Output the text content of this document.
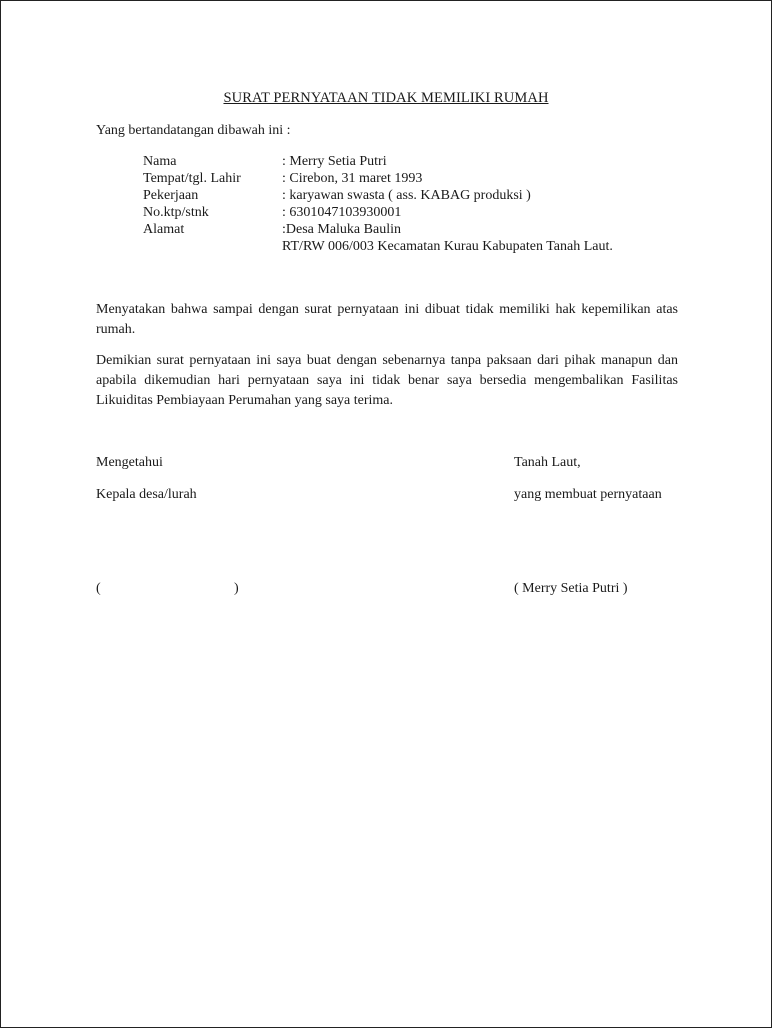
SURAT PERNYATAAN TIDAK MEMILIKI RUMAH
Yang bertandatangan dibawah ini :
Nama	: Merry Setia Putri
Tempat/tgl. Lahir	: Cirebon, 31 maret 1993
Pekerjaan	: karyawan swasta ( ass. KABAG produksi )
No.ktp/stnk	: 6301047103930001
Alamat	:Desa Maluka Baulin
RT/RW 006/003 Kecamatan Kurau Kabupaten Tanah Laut.
Menyatakan bahwa sampai dengan surat pernyataan ini dibuat tidak memiliki hak kepemilikan atas rumah.
Demikian surat pernyataan ini saya buat dengan sebenarnya tanpa paksaan dari pihak manapun dan apabila dikemudian hari pernyataan saya ini tidak benar saya bersedia mengembalikan Fasilitas Likuiditas Pembiayaan Perumahan yang saya terima.
Mengetahui
Kepala desa/lurah
(	)
Tanah Laut,
yang membuat pernyataan
( Merry Setia Putri )
